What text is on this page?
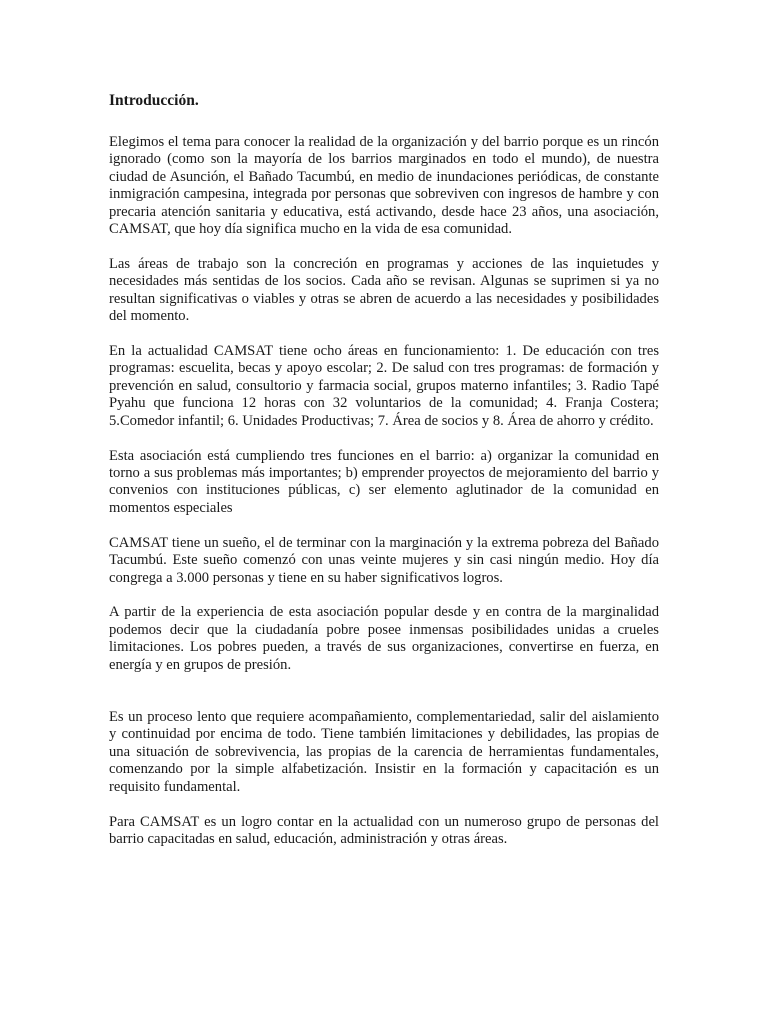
Introducción.

Elegimos el tema para conocer la realidad de la organización y del barrio porque es un rincón ignorado (como son la mayoría de los barrios marginados en todo el mundo), de nuestra ciudad de Asunción, el Bañado Tacumbú, en medio de inundaciones periódicas, de constante inmigración campesina, integrada por personas que sobreviven con ingresos de hambre y con precaria atención sanitaria y educativa, está activando, desde hace 23 años, una asociación, CAMSAT, que hoy día significa mucho en la vida de esa comunidad.

Las áreas de trabajo son la concreción en programas y acciones de las inquietudes y necesidades más sentidas de los socios. Cada año se revisan. Algunas se suprimen si ya no resultan significativas o viables y otras se abren de acuerdo a las necesidades y posibilidades del momento.

En la actualidad CAMSAT tiene ocho áreas en funcionamiento: 1. De educación con tres programas: escuelita, becas y apoyo escolar; 2. De salud con tres programas: de formación y prevención en salud, consultorio y farmacia social, grupos materno infantiles; 3. Radio Tapé Pyahu que funciona 12 horas con 32 voluntarios de la comunidad; 4. Franja Costera; 5.Comedor infantil; 6. Unidades Productivas; 7. Área de socios y 8. Área de ahorro y crédito.

Esta asociación está cumpliendo tres funciones en el barrio: a) organizar la comunidad en torno a sus problemas más importantes; b) emprender proyectos de mejoramiento del barrio y convenios con instituciones públicas, c) ser elemento aglutinador de la comunidad en momentos especiales

CAMSAT tiene un sueño, el de terminar con la marginación y la extrema pobreza del Bañado Tacumbú. Este sueño comenzó con unas veinte mujeres y sin casi ningún medio. Hoy día congrega a 3.000 personas y tiene en su haber significativos logros.

A partir de la experiencia de esta asociación popular desde y en contra de la marginalidad podemos decir que la ciudadanía pobre posee inmensas posibilidades unidas a crueles limitaciones. Los pobres pueden, a través de sus organizaciones, convertirse en fuerza, en energía y en grupos de presión.

Es un proceso lento que requiere acompañamiento, complementariedad, salir del aislamiento y continuidad por encima de todo. Tiene también limitaciones y debilidades, las propias de una situación de sobrevivencia, las propias de la carencia de herramientas fundamentales, comenzando por la simple alfabetización. Insistir en la formación y capacitación es un requisito fundamental.

Para CAMSAT es un logro contar en la actualidad con un numeroso grupo de personas del barrio capacitadas en salud, educación, administración y otras áreas.
